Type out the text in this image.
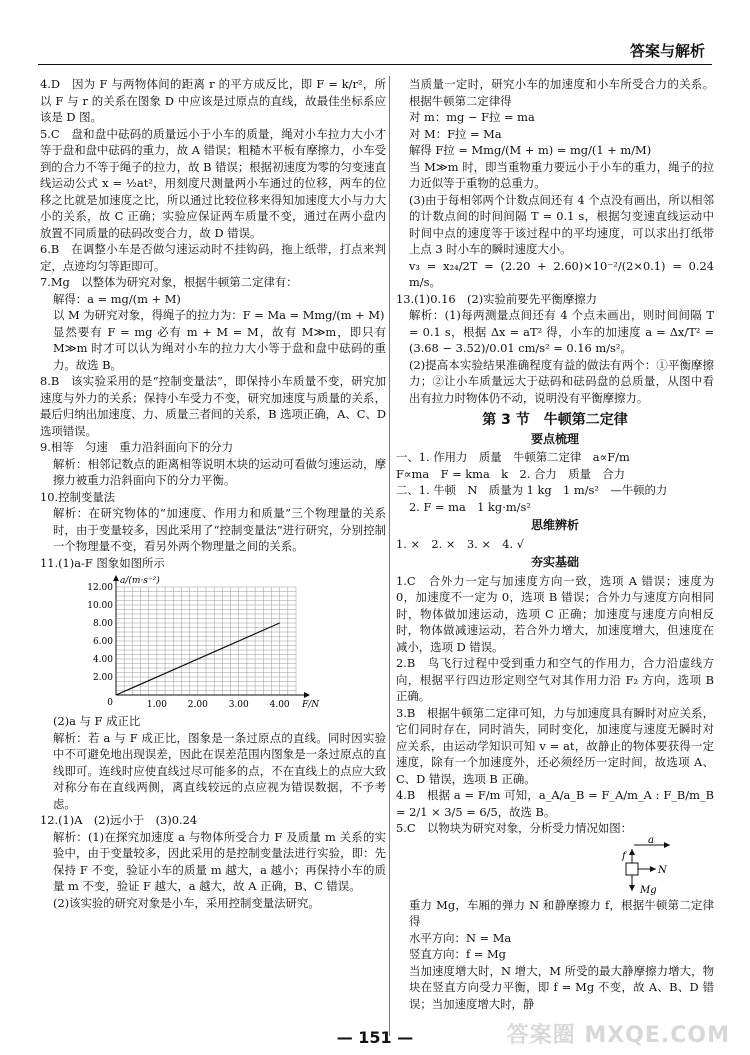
答案与解析

4.D　因为 F 与两物体间的距离 r 的平方成反比，即 F = k/r²，所以 F 与 r 的关系在图象 D 中应该是过原点的直线，故最佳坐标系应该是 D 图。

5.C　盘和盘中砝码的质量远小于小车的质量，绳对小车拉力大小才等于盘和盘中砝码的重力，故 A 错误；粗糙木平板有摩擦力，小车受到的合力不等于绳子的拉力，故 B 错误；根据初速度为零的匀变速直线运动公式 x = ½at²，用刻度尺测量两小车通过的位移，两车的位移之比就是加速度之比，所以通过比较位移来得知加速度大小与力大小的关系，故 C 正确；实验应保证两车质量不变，通过在两小盘内放置不同质量的砝码改变合力，故 D 错误。

6.B　在调整小车是否做匀速运动时不挂钩码，拖上纸带，打点来判定，点迹均匀等距即可。

7.Mg　以整体为研究对象，根据牛顿第二定律有：

解得：a = mg/(m + M)

以 M 为研究对象，得绳子的拉力为：F = Ma = Mmg/(m + M)

显然要有 F = mg 必有 m + M = M，故有 M≫m，即只有 M≫m 时才可以认为绳对小车的拉力大小等于盘和盘中砝码的重力。故选 B。

8.B　该实验采用的是“控制变量法”，即保持小车质量不变，研究加速度与外力的关系；保持小车受力不变，研究加速度与质量的关系，最后归纳出加速度、力、质量三者间的关系，B 选项正确，A、C、D 选项错误。

9.相等　匀速　重力沿斜面向下的分力

解析：相邻记数点的距离相等说明木块的运动可看做匀速运动，摩擦力被重力沿斜面向下的分力平衡。

10.控制变量法

解析：在研究物体的“加速度、作用力和质量”三个物理量的关系时，由于变量较多，因此采用了“控制变量法”进行研究，分别控制一个物理量不变，看另外两个物理量之间的关系。

11.(1)a-F 图象如图所示

1.00 2.00 3.00 4.00
2.00
4.00
6.00
8.00
10.00
12.00
0	F/N
a/(m·s⁻²)

(2)a 与 F 成正比

解析：若 a 与 F 成正比，图象是一条过原点的直线。同时因实验中不可避免地出现误差，因此在误差范围内图象是一条过原点的直线即可。连线时应使直线过尽可能多的点，不在直线上的点应大致对称分布在直线两侧，离直线较远的点应视为错误数据，不予考虑。

12.(1)A　(2)远小于　(3)0.24

解析：(1)在探究加速度 a 与物体所受合力 F 及质量 m 关系的实验中，由于变量较多，因此采用的是控制变量法进行实验，即：先保持 F 不变，验证小车的质量 m 越大，a 越小；再保持小车的质量 m 不变，验证 F 越大，a 越大，故 A 正确，B、C 错误。

(2)该实验的研究对象是小车，采用控制变量法研究。

当质量一定时，研究小车的加速度和小车所受合力的关系。根据牛顿第二定律得

对 m：mg − F拉 = ma

对 M：F拉 = Ma

解得 F拉 = Mmg/(M + m) = mg/(1 + m/M)

当 M≫m 时，即当重物重力要远小于小车的重力，绳子的拉力近似等于重物的总重力。

(3)由于每相邻两个计数点间还有 4 个点没有画出，所以相邻的计数点间的时间间隔 T = 0.1 s，根据匀变速直线运动中时间中点的速度等于该过程中的平均速度，可以求出打纸带上点 3 时小车的瞬时速度大小。

v₃ = x₂₄/2T = (2.20 + 2.60)×10⁻²/(2×0.1) = 0.24 m/s。

13.(1)0.16　(2)实验前要先平衡摩擦力

解析：(1)每两测量点间还有 4 个点未画出，则时间间隔 T = 0.1 s，根据 Δx = aT² 得，小车的加速度 a = Δx/T² = (3.68 − 3.52)/0.01 cm/s² = 0.16 m/s²。

(2)提高本实验结果准确程度有益的做法有两个：①平衡摩擦力；②让小车质量远大于砝码和砝码盘的总质量，从图中看出有拉力时物体仍不动，说明没有平衡摩擦力。

第 3 节　牛顿第二定律
要点梳理

一、1. 作用力　质量　牛顿第二定律　a∝F/m

F∝ma　F = kma　k　2. 合力　质量　合力

二、1. 牛顿　N　质量为 1 kg　1 m/s²　—牛顿的力

2. F = ma　1 kg·m/s²

思维辨析

1. ×　2. ×　3. ×　4. √

夯实基础

1.C　合外力一定与加速度方向一致，选项 A 错误；速度为 0，加速度不一定为 0，选项 B 错误；合外力与速度方向相同时，物体做加速运动，选项 C 正确；加速度与速度方向相反时，物体做减速运动，若合外力增大，加速度增大，但速度在减小，选项 D 错误。

2.B　鸟飞行过程中受到重力和空气的作用力，合力沿虚线方向，根据平行四边形定则空气对其作用力沿 F₂ 方向，选项 B 正确。

3.B　根据牛顿第二定律可知，力与加速度具有瞬时对应关系，它们同时存在，同时消失，同时变化，加速度与速度无瞬时对应关系，由运动学知识可知 v = at，故静止的物体要获得一定速度，除有一个加速度外，还必须经历一定时间，故选项 A、C、D 错误，选项 B 正确。

4.B　根据 a = F/m 可知，a_A/a_B = F_A/m_A : F_B/m_B = 2/1 × 3/5 = 6/5，故选 B。

5.C　以物块为研究对象，分析受力情况如图：

a
f
N
Mg

重力 Mg，车厢的弹力 N 和静摩擦力 f，根据牛顿第二定律得

水平方向：N = Ma

竖直方向：f = Mg

当加速度增大时，N 增大，M 所受的最大静摩擦力增大，物块在竖直方向受力平衡，即 f = Mg 不变，故 A、B、D 错误；当加速度增大时，静

— 151 —	答案圈 MXQE.COM
